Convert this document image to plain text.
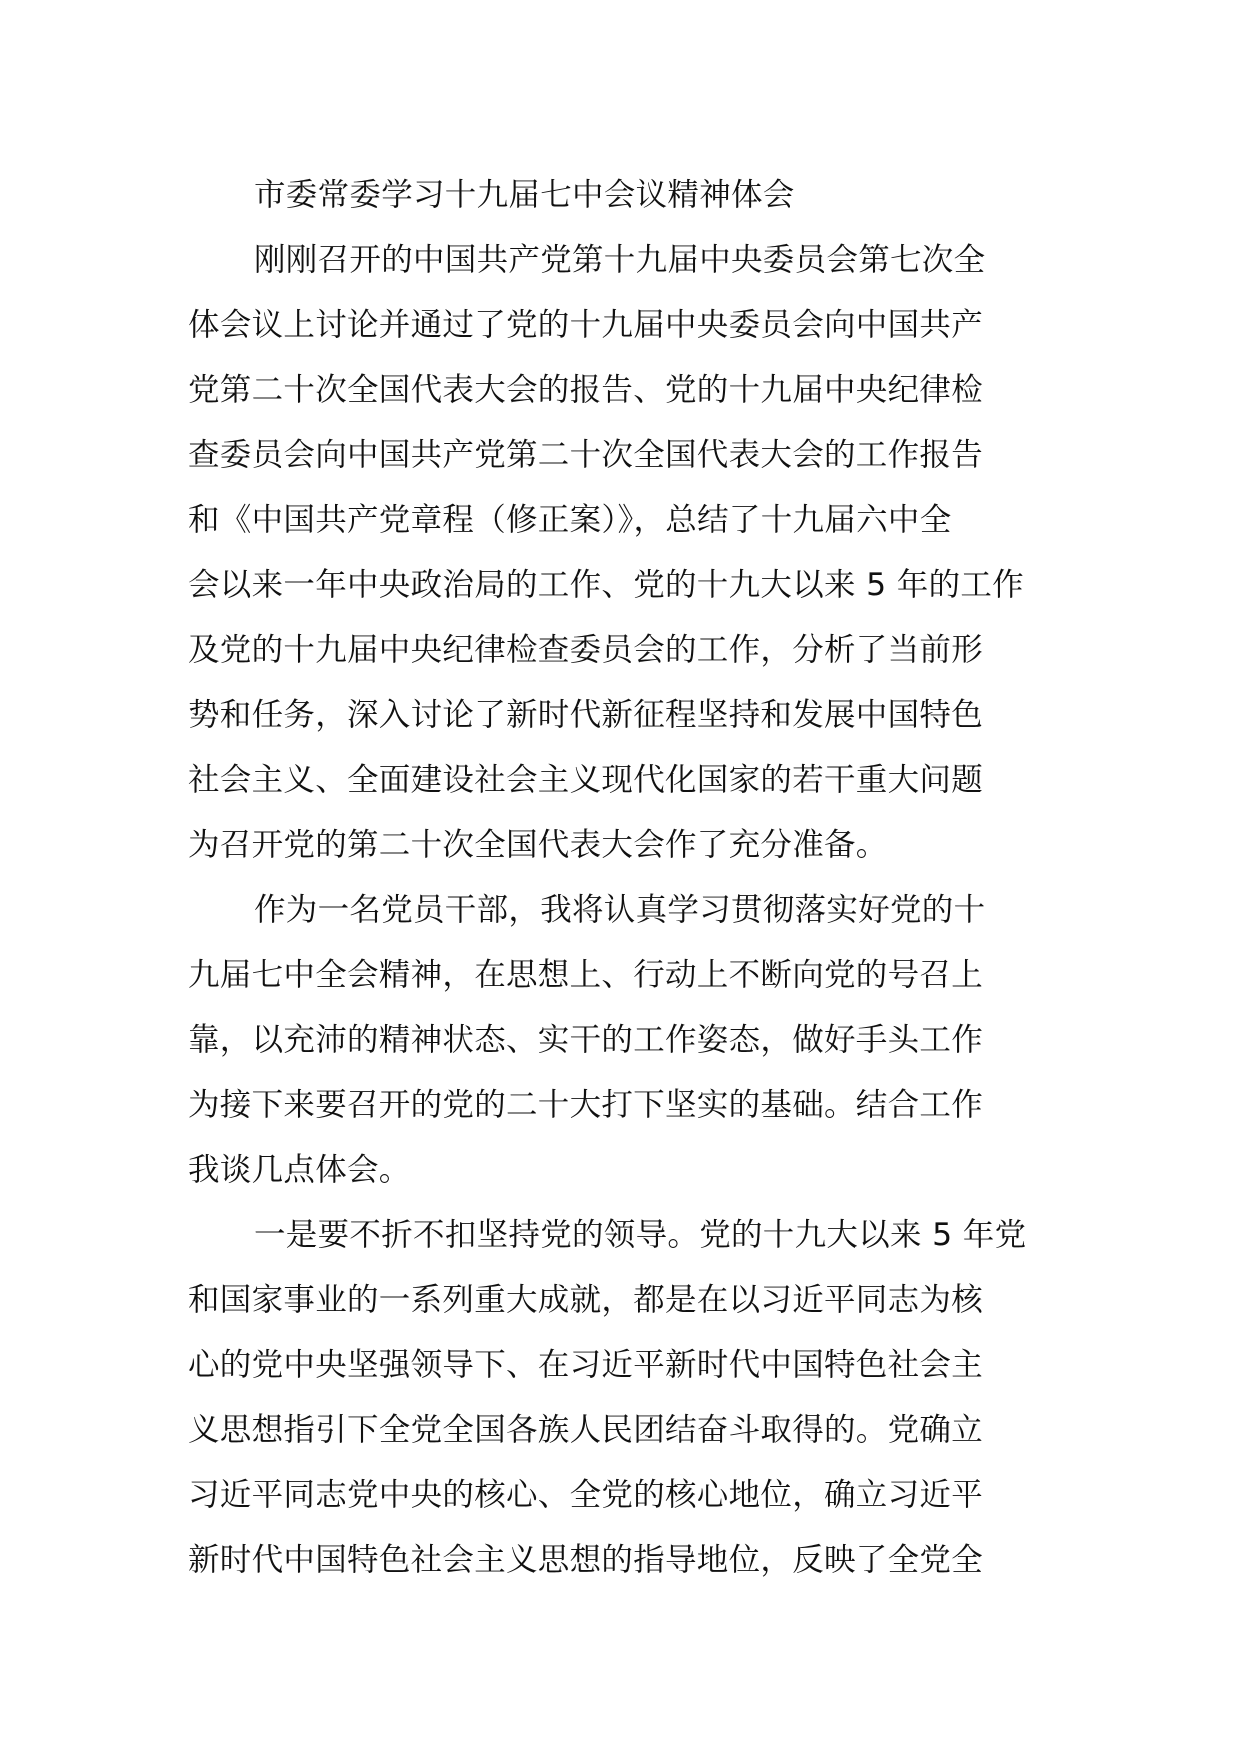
市委常委学习十九届七中会议精神体会
刚刚召开的中国共产党第十九届中央委员会第七次全
体会议上讨论并通过了党的十九届中央委员会向中国共产
党第二十次全国代表大会的报告、党的十九届中央纪律检
查委员会向中国共产党第二十次全国代表大会的工作报告
和《中国共产党章程（修正案）》，总结了十九届六中全
会以来一年中央政治局的工作、党的十九大以来 5 年的工作
及党的十九届中央纪律检查委员会的工作，分析了当前形
势和任务，深入讨论了新时代新征程坚持和发展中国特色
社会主义、全面建设社会主义现代化国家的若干重大问题
为召开党的第二十次全国代表大会作了充分准备。
作为一名党员干部，我将认真学习贯彻落实好党的十
九届七中全会精神，在思想上、行动上不断向党的号召上
靠，以充沛的精神状态、实干的工作姿态，做好手头工作
为接下来要召开的党的二十大打下坚实的基础。结合工作
我谈几点体会。
一是要不折不扣坚持党的领导。党的十九大以来 5 年党
和国家事业的一系列重大成就，都是在以习近平同志为核
心的党中央坚强领导下、在习近平新时代中国特色社会主
义思想指引下全党全国各族人民团结奋斗取得的。党确立
习近平同志党中央的核心、全党的核心地位，确立习近平
新时代中国特色社会主义思想的指导地位，反映了全党全
